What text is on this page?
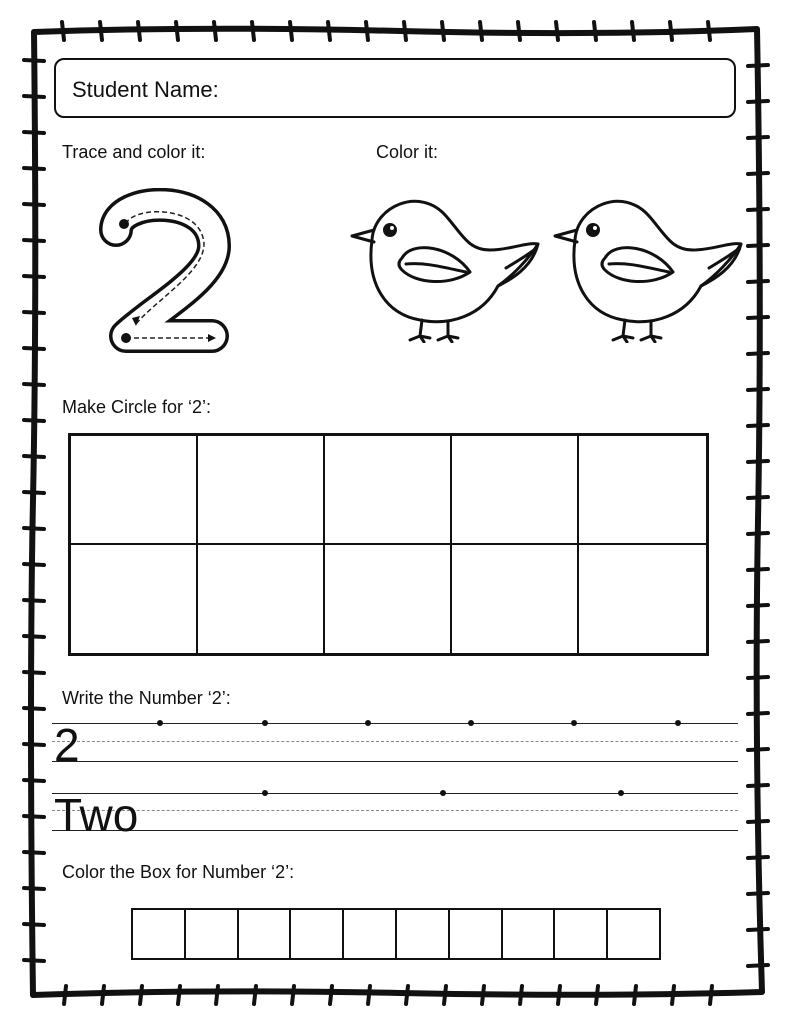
Student Name:
Trace and color it:	Color it:
Make Circle for ‘2’:
Write the Number ‘2’:
2
Two
Color the Box for Number ‘2’:
